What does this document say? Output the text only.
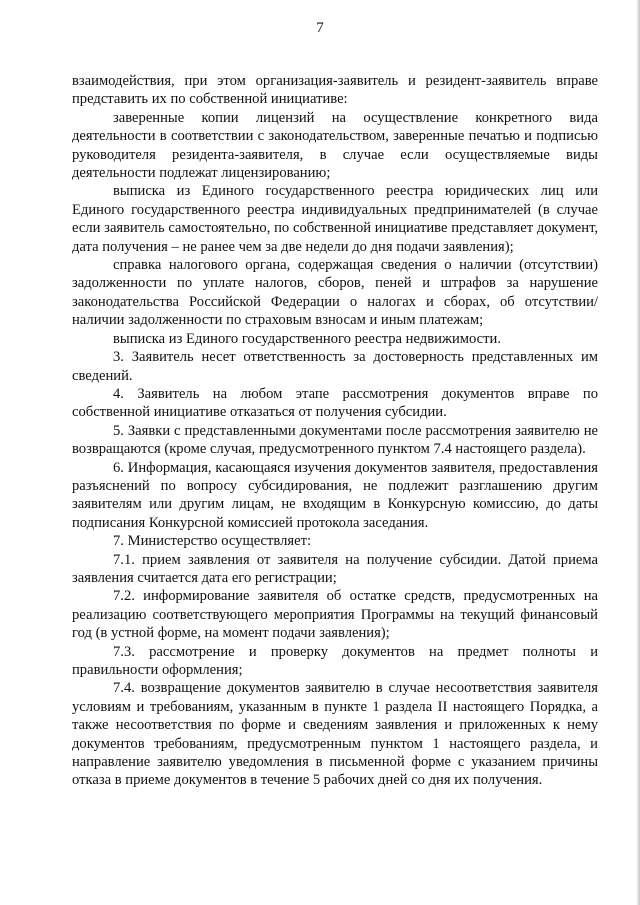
7

взаимодействия, при этом организация-заявитель и резидент-заявитель вправе представить их по собственной инициативе:

заверенные копии лицензий на осуществление конкретного вида деятельности в соответствии с законодательством, заверенные печатью и подписью руководителя резидента-заявителя, в случае если осуществляемые виды деятельности подлежат лицензированию;

выписка из Единого государственного реестра юридических лиц или Единого государственного реестра индивидуальных предпринимателей (в случае если заявитель самостоятельно, по собственной инициативе представляет документ, дата получения – не ранее чем за две недели до дня подачи заявления);

справка налогового органа, содержащая сведения о наличии (отсутствии) задолженности по уплате налогов, сборов, пеней и штрафов за нарушение законодательства Российской Федерации о налогах и сборах, об отсутствии/наличии задолженности по страховым взносам и иным платежам;

выписка из Единого государственного реестра недвижимости.

3. Заявитель несет ответственность за достоверность представленных им сведений.

4. Заявитель на любом этапе рассмотрения документов вправе по собственной инициативе отказаться от получения субсидии.

5. Заявки с представленными документами после рассмотрения заявителю не возвращаются (кроме случая, предусмотренного пунктом 7.4 настоящего раздела).

6. Информация, касающаяся изучения документов заявителя, предоставления разъяснений по вопросу субсидирования, не подлежит разглашению другим заявителям или другим лицам, не входящим в Конкурсную комиссию, до даты подписания Конкурсной комиссией протокола заседания.

7. Министерство осуществляет:

7.1. прием заявления от заявителя на получение субсидии. Датой приема заявления считается дата его регистрации;

7.2. информирование заявителя об остатке средств, предусмотренных на реализацию соответствующего мероприятия Программы на текущий финансовый год (в устной форме, на момент подачи заявления);

7.3. рассмотрение и проверку документов на предмет полноты и правильности оформления;

7.4. возвращение документов заявителю в случае несоответствия заявителя условиям и требованиям, указанным в пункте 1 раздела II настоящего Порядка, а также несоответствия по форме и сведениям заявления и приложенных к нему документов требованиям, предусмотренным пунктом 1 настоящего раздела, и направление заявителю уведомления в письменной форме с указанием причины отказа в приеме документов в течение 5 рабочих дней со дня их получения.
